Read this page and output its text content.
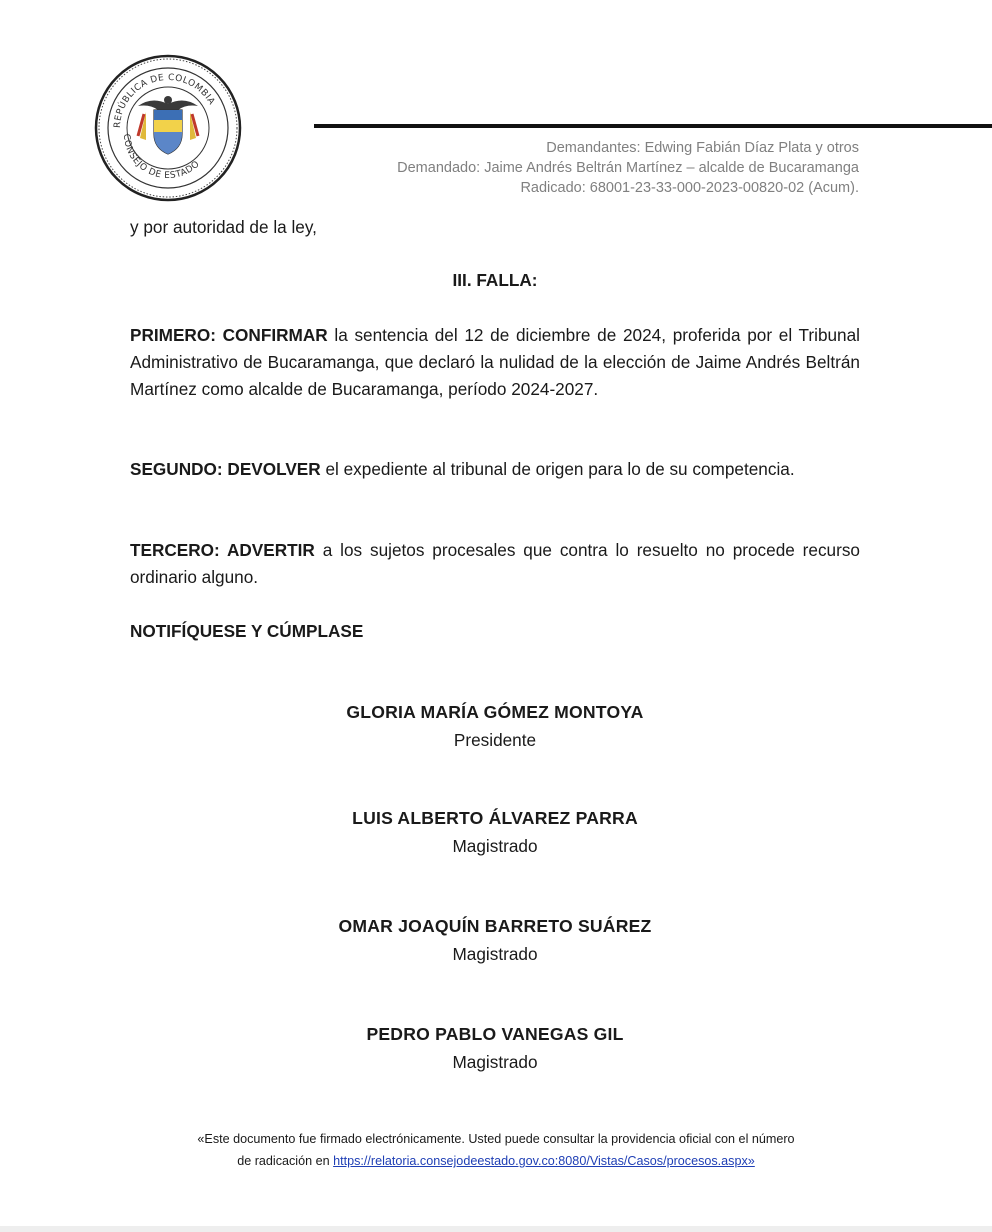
REPÚBLICA DE COLOMBIA
CONSEJO DE ESTADO
Demandantes: Edwing Fabián Díaz Plata y otros
Demandado: Jaime Andrés Beltrán Martínez – alcalde de Bucaramanga
Radicado: 68001-23-33-000-2023-00820-02 (Acum).
y por autoridad de la ley,
III. FALLA:
PRIMERO: CONFIRMAR la sentencia del 12 de diciembre de 2024, proferida por el Tribunal Administrativo de Bucaramanga, que declaró la nulidad de la elección de Jaime Andrés Beltrán Martínez como alcalde de Bucaramanga, período 2024-2027.
SEGUNDO: DEVOLVER el expediente al tribunal de origen para lo de su competencia.
TERCERO: ADVERTIR a los sujetos procesales que contra lo resuelto no procede recurso ordinario alguno.
NOTIFÍQUESE Y CÚMPLASE
GLORIA MARÍA GÓMEZ MONTOYA
Presidente
LUIS ALBERTO ÁLVAREZ PARRA
Magistrado
OMAR JOAQUÍN BARRETO SUÁREZ
Magistrado
PEDRO PABLO VANEGAS GIL
Magistrado
«Este documento fue firmado electrónicamente. Usted puede consultar la providencia oficial con el número
de radicación en https://relatoria.consejodeestado.gov.co:8080/Vistas/Casos/procesos.aspx»
